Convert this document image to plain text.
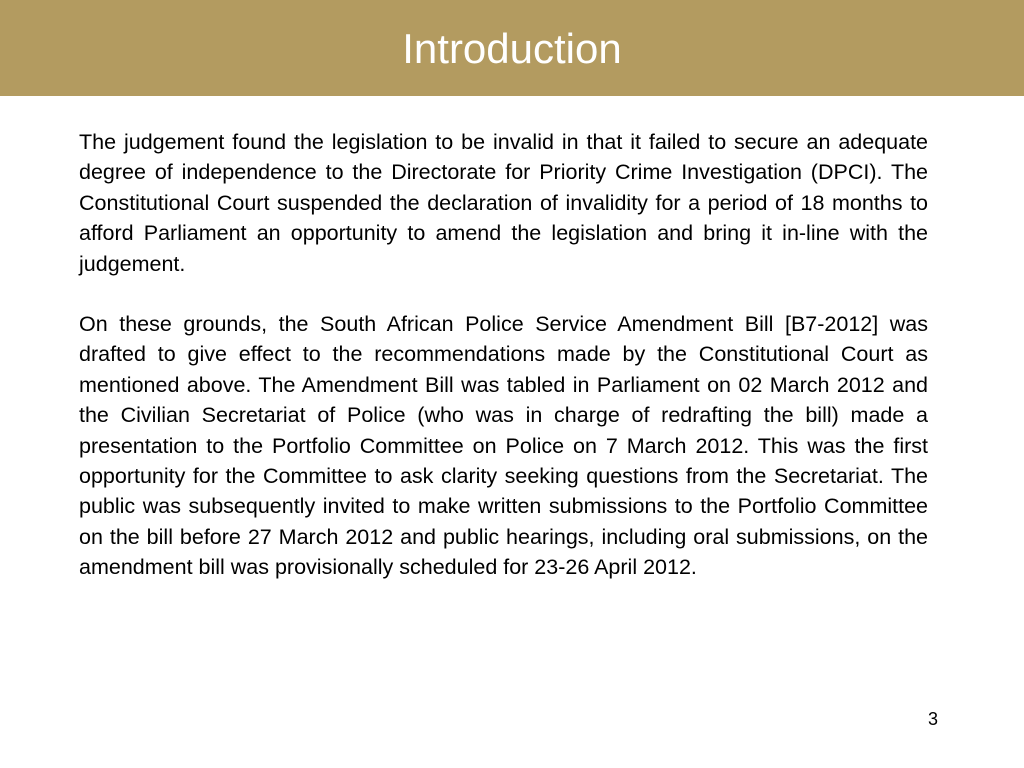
Introduction

The judgement found the legislation to be invalid in that it failed to secure an adequate degree of independence to the Directorate for Priority Crime Investigation (DPCI). The Constitutional Court suspended the declaration of invalidity for a period of 18 months to afford Parliament an opportunity to amend the legislation and bring it in-line with the judgement.

On these grounds, the South African Police Service Amendment Bill [B7-2012] was drafted to give effect to the recommendations made by the Constitutional Court as mentioned above. The Amendment Bill was tabled in Parliament on 02 March 2012 and the Civilian Secretariat of Police (who was in charge of redrafting the bill) made a presentation to the Portfolio Committee on Police on 7 March 2012. This was the first opportunity for the Committee to ask clarity seeking questions from the Secretariat. The public was subsequently invited to make written submissions to the Portfolio Committee on the bill before 27 March 2012 and public hearings, including oral submissions, on the amendment bill was provisionally scheduled for 23-26 April 2012.

3
